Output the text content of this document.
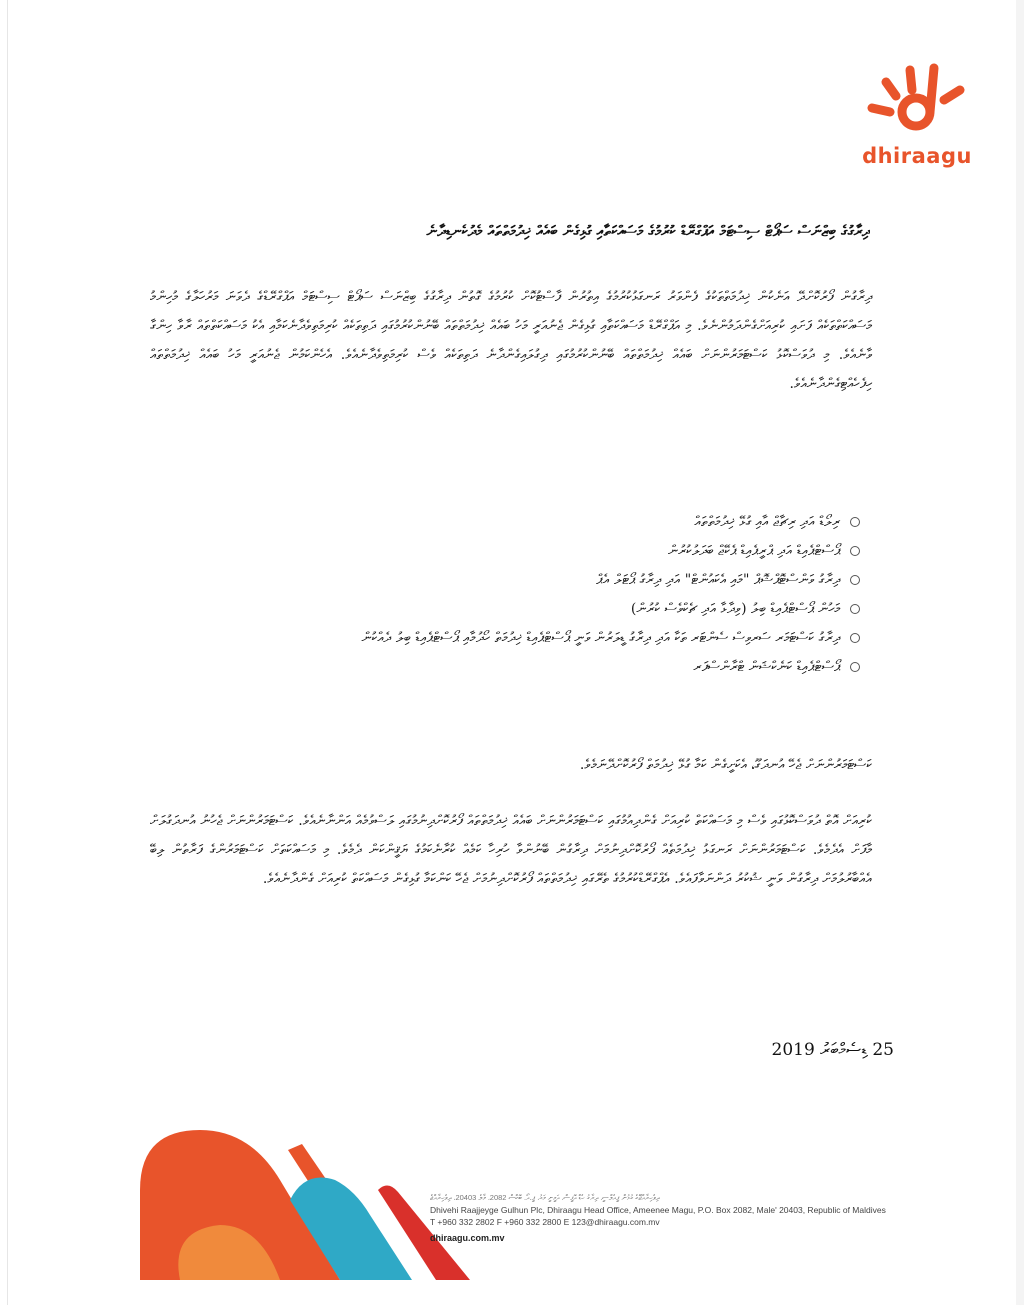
dhiraagu
ދިރާގުގެ ބިޒްނަސް ސަޕޯޓް ސިސްޓަމް އަޕްގްރޭޑް ކުރުމުގެ މަސައްކަތާއި ގުޅިގެން ބައެއް ޚިދުމަތްތައް މެދުކެނޑިދާނެ
ދިރާގުން ފޯރުކޮށްދޭ އަނެކުން ޚިދުމަތްތަކުގެ ފެންވަރު ރަނގަޅުކުރުމުގެ އިތުރުން ފާސްޓުކޮށް ކުރުމުގެ ގޮތުން ދިރާގުގެ ބިޒްނަސް ސަޕޯޓް ސިސްޓަމް އަޕްގްރޭޑްގެ ދެވަނަ މަރުހަލާގެ މުހިންމު މަސައްކަތްތަކެއް ފަށައި ކުރިއަށްގެންދަމުންނެވެ. މި އަޕްގްރޭޑް މަސައްކަތާއި ގުޅިގެން ޖެނުއަރީ މަހު ބައެއް ޚިދުމަތްތައް ބޭނުންކުރުމުގައި ދަތިތަކެއް ކުރިމަތިވެދާނެކަމާއި އެކު މަސައްކަތްތައް ރާވާ ހިންގާ ވާނެއެވެ. މި ދުވަސްކޮޅު ކަސްޓަމަރުންނަށް ބައެއް ޚިދުމަތްތައް ބޭނުންކުރުމުގައި ދިގުލައިގެންދާނެ ދަތިތަކެއް ވެސް ކުރިމަތިވެދާނެއެވެ. އެހެންކަމުން ޖެނުއަރީ މަހު ބައެއް ޚިދުމަތްތައް ހިފެހެއްޓިގެންދާނެއެވެ.
ރިލޯޑް އަދި ރިޗާޖް އާއި ގުޅޭ ޚިދުމަތްތައް
ޕޯސްޓްޕެއިޑް އަދި ޕްރީޕެއިޑް ޕެކޭޖް ބަދަލުކުރުން
ދިރާގު ވަންސްޓޮޕްޝޮޕް "މައި އެކައުންޓް" އަދި ދިރާގު ޕޯޓަލް އެޕް
މަހުން ޕޯސްޓްޕެއިޑް ބިލު (ވިދާޅާ އަދި ޗެކްވެސް ކުރުން)
ދިރާގު ކަސްޓަމަރ ސަރވިސް ސެންޓަރ ތަކާ އަދި ދިރާގު ޑީލަރުން ވަނީ ޕޯސްޓްޕެއިޑް ޚިދުމަތް ހޯދުމާއި ޕޯސްޓްޕެއިޑް ބިލު ދެއްކުން
ޕޯސްޓްޕެއިޑް ކަނެކްޝަން ޓްރާންސްފަރ
ކަސްޓަމަރުންނަށް ޖެހޭ އުނދަގޫ، އެކަށީގެން ކަމާ ގުޅޭ ޚިދުމަތް ފޯރުކޮށްދޭނަމެވެ.
ކުރިއަށް އޮތް ދުވަސްކޮޅުގައި ވެސް މި މަސައްކަތް ކުރިއަށް ގެންދިއުމުގައި ކަސްޓަމަރުންނަށް ބައެއް ޚިދުމަތްތައް ފޯރުކޮށްދިނުމުގައި ލަސްވުމެއް އަންނާނެއެވެ. ކަސްޓަމަރުންނަށް ޖެހުނު އުނދަގުލަށް މާފަށް އެދެމެވެ. ކަސްޓަމަރުންނަށް ރަނގަޅު ޚިދުމަތެއް ފޯރުކޮށްދިނުމަށް ދިރާގުން ބޭނުންވާ ހުރިހާ ކަމެއް ކުރާނެކަމުގެ ޔަޤީންކަން ދެމެވެ. މި މަސައްކަތަށް ކަސްޓަމަރުންގެ ފަރާތުން ލިބޭ އެއްބާރުލުމަށް ދިރާގުން ވަނީ ޝުކުރު ދަންނަވާފައެވެ. އެޕްގްރޭޑްކުރުމުގެ ތެރޭގައި ޚިދުމަތްތައް ފޯރުކޮށްދިނުމަށް ޖެހޭ ކަންކަމާ ގުޅިގެން މަސައްކަތް ކުރިއަށް ގެންދާނެއެވެ.
25 ޑިސެމްބަރު 2019
ދިވެހިރާއްޖޭގެ ގުޅުން ޕީއެލްސީ، ދިރާގު ހެޑް އޮފީސް، އަމީނީ މަގު، ޕީ.އޯ. ބޮކްސް 2082، މާލެ 20403، ދިވެހިރާއްޖެ
Dhivehi Raajjeyge Gulhun Plc, Dhiraagu Head Office, Ameenee Magu, P.O. Box 2082, Male' 20403, Republic of Maldives
T +960 332 2802 F +960 332 2800 E 123@dhiraagu.com.mv
dhiraagu.com.mv
